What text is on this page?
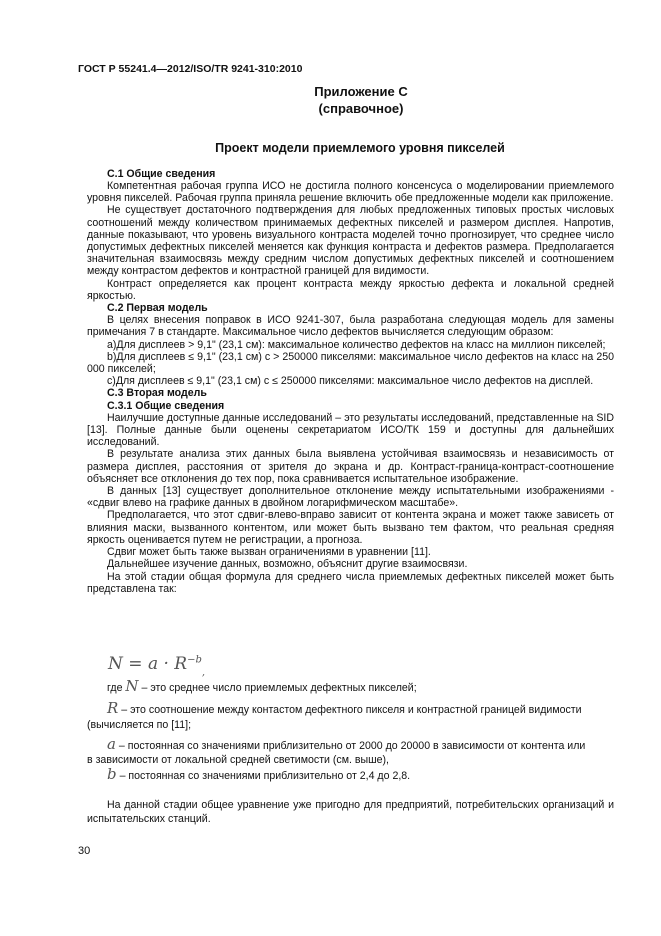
ГОСТ Р 55241.4—2012/ISO/TR 9241-310:2010
Приложение С
(справочное)
Проект модели приемлемого уровня пикселей

С.1 Общие сведения

Компетентная рабочая группа ИСО не достигла полного консенсуса о моделировании приемлемого уровня пикселей. Рабочая группа приняла решение включить обе предложенные модели как приложение.

Не существует достаточного подтверждения для любых предложенных типовых простых числовых соотношений между количеством принимаемых дефектных пикселей и размером дисплея. Напротив, данные показывают, что уровень визуального контраста моделей точно прогнозирует, что среднее число допустимых дефектных пикселей меняется как функция контраста и дефектов размера. Предполагается значительная взаимосвязь между средним числом допустимых дефектных пикселей и соотношением между контрастом дефектов и контрастной границей для видимости.

Контраст определяется как процент контраста между яркостью дефекта и локальной средней яркостью.

С.2 Первая модель

В целях внесения поправок в ИСО 9241-307, была разработана следующая модель для замены примечания 7 в стандарте. Максимальное число дефектов вычисляется следующим образом:

а)Для дисплеев > 9,1" (23,1 см): максимальное количество дефектов на класс на миллион пикселей;

b)Для дисплеев ≤ 9,1" (23,1 см) с > 250000 пикселями: максимальное число дефектов на класс на 250 000 пикселей;

c)Для дисплеев ≤ 9,1" (23,1 см) с ≤ 250000 пикселями: максимальное число дефектов на дисплей.

С.3 Вторая модель

С.3.1 Общие сведения

Наилучшие доступные данные исследований – это результаты исследований, представленные на SID [13]. Полные данные были оценены секретариатом ИСО/ТК 159 и доступны для дальнейших исследований.

В результате анализа этих данных была выявлена устойчивая взаимосвязь и независимость от размера дисплея, расстояния от зрителя до экрана и др. Контраст-граница-контраст-соотношение объясняет все отклонения до тех пор, пока сравнивается испытательное изображение.

В данных [13] существует дополнительное отклонение между испытательными изображениями - «сдвиг влево на графике данных в двойном логарифмическом масштабе».

Предполагается, что этот сдвиг-влево-вправо зависит от контента экрана и может также зависеть от влияния маски, вызванного контентом, или может быть вызвано тем фактом, что реальная средняя яркость оценивается путем не регистрации, а прогноза.

Сдвиг может быть также вызван ограничениями в уравнении [11].

Дальнейшее изучение данных, возможно, объяснит другие взаимосвязи.

На этой стадии общая формула для среднего числа приемлемых дефектных пикселей может быть представлена так:

$N = a \cdot R^{-b}_,$
где N – это среднее число приемлемых дефектных пикселей;
R – это соотношение между контастом дефектного пикселя и контрастной границей видимости
(вычисляется по [11];
a – постоянная со значениями приблизительно от 2000 до 20000 в зависимости от контента или
в зависимости от локальной средней светимости (см. выше),
b – постоянная со значениями приблизительно от 2,4 до 2,8.

На данной стадии общее уравнение уже пригодно для предприятий, потребительских организаций и испытательских станций.

30
